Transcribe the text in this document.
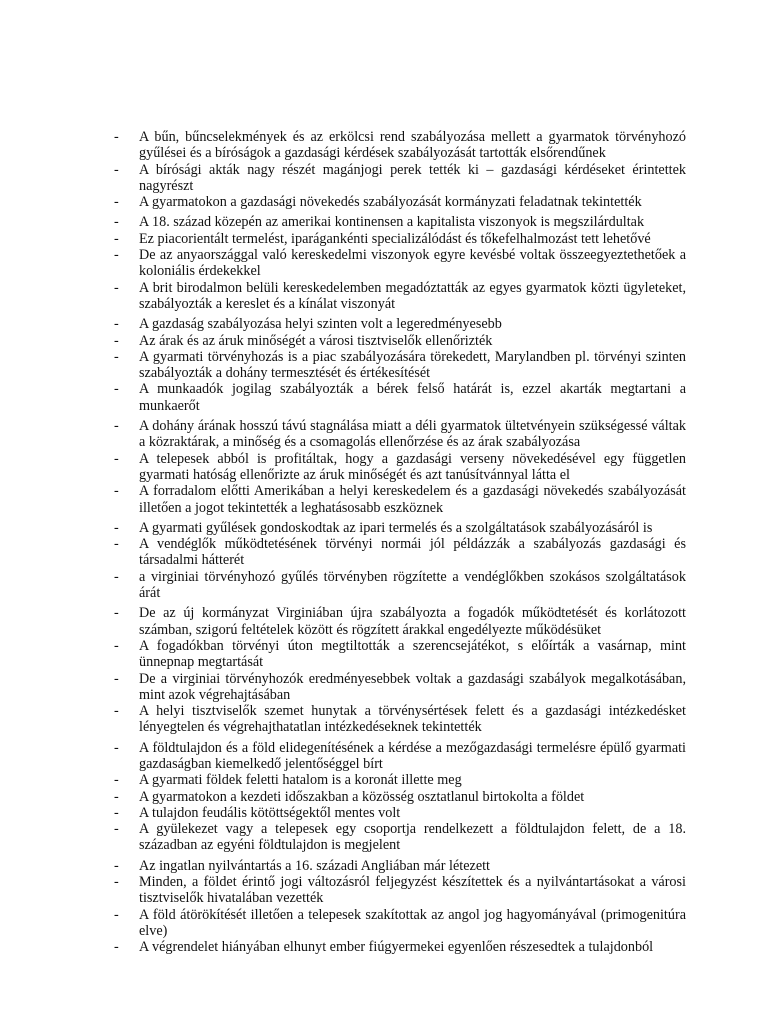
-	A bűn, bűncselekmények és az erkölcsi rend szabályozása mellett a gyarmatok törvényhozó gyűlései és a bíróságok a gazdasági kérdések szabályozását tartották elsőrendűnek
-	A bírósági akták nagy részét magánjogi perek tették ki – gazdasági kérdéseket érintettek nagyrészt
-	A gyarmatokon a gazdasági növekedés szabályozását kormányzati feladatnak tekintették
-	A 18. század közepén az amerikai kontinensen a kapitalista viszonyok is megszilárdultak
-	Ez piacorientált termelést, iparágankénti specializálódást és tőkefelhalmozást tett lehetővé
-	De az anyaországgal való kereskedelmi viszonyok egyre kevésbé voltak összeegyeztethetőek a koloniális érdekekkel
-	A brit birodalmon belüli kereskedelemben megadóztatták az egyes gyarmatok közti ügyleteket, szabályozták a kereslet és a kínálat viszonyát
-	A gazdaság szabályozása helyi szinten volt a legeredményesebb
-	Az árak és az áruk minőségét a városi tisztviselők ellenőrizték
-	A gyarmati törvényhozás is a piac szabályozására törekedett, Marylandben pl. törvényi szinten szabályozták a dohány termesztését és értékesítését
-	A munkaadók jogilag szabályozták a bérek felső határát is, ezzel akarták megtartani a munkaerőt
-	A dohány árának hosszú távú stagnálása miatt a déli gyarmatok ültetvényein szükségessé váltak a közraktárak, a minőség és a csomagolás ellenőrzése és az árak szabályozása
-	A telepesek abból is profitáltak, hogy a gazdasági verseny növekedésével egy független gyarmati hatóság ellenőrizte az áruk minőségét és azt tanúsítvánnyal látta el
-	A forradalom előtti Amerikában a helyi kereskedelem és a gazdasági növekedés szabályozását illetően a jogot tekintették a leghatásosabb eszköznek
-	A gyarmati gyűlések gondoskodtak az ipari termelés és a szolgáltatások szabályozásáról is
-	A vendéglők működtetésének törvényi normái jól példázzák a szabályozás gazdasági és társadalmi hátterét
-	a virginiai törvényhozó gyűlés törvényben rögzítette a vendéglőkben szokásos szolgáltatások árát
-	De az új kormányzat Virginiában újra szabályozta a fogadók működtetését és korlátozott számban, szigorú feltételek között és rögzített árakkal engedélyezte működésüket
-	A fogadókban törvényi úton megtiltották a szerencsejátékot, s előírták a vasárnap, mint ünnepnap megtartását
-	De a virginiai törvényhozók eredményesebbek voltak a gazdasági szabályok megalkotásában, mint azok végrehajtásában
-	A helyi tisztviselők szemet hunytak a törvénysértések felett és a gazdasági intézkedésket lényegtelen és végrehajthatatlan intézkedéseknek tekintették
-	A földtulajdon és a föld elidegenítésének a kérdése a mezőgazdasági termelésre épülő gyarmati gazdaságban kiemelkedő jelentőséggel bírt
-	A gyarmati földek feletti hatalom is a koronát illette meg
-	A gyarmatokon a kezdeti időszakban a közösség osztatlanul birtokolta a földet
-	A tulajdon feudális kötöttségektől mentes volt
-	A gyülekezet vagy a telepesek egy csoportja rendelkezett a földtulajdon felett, de a 18. században az egyéni földtulajdon is megjelent
-	Az ingatlan nyilvántartás a 16. századi Angliában már létezett
-	Minden, a földet érintő jogi változásról feljegyzést készítettek és a nyilvántartásokat a városi tisztviselők hivatalában vezették
-	A föld átörökítését illetően a telepesek szakítottak az angol jog hagyományával (primogenitúra elve)
-	A végrendelet hiányában elhunyt ember fiúgyermekei egyenlően részesedtek a tulajdonból
